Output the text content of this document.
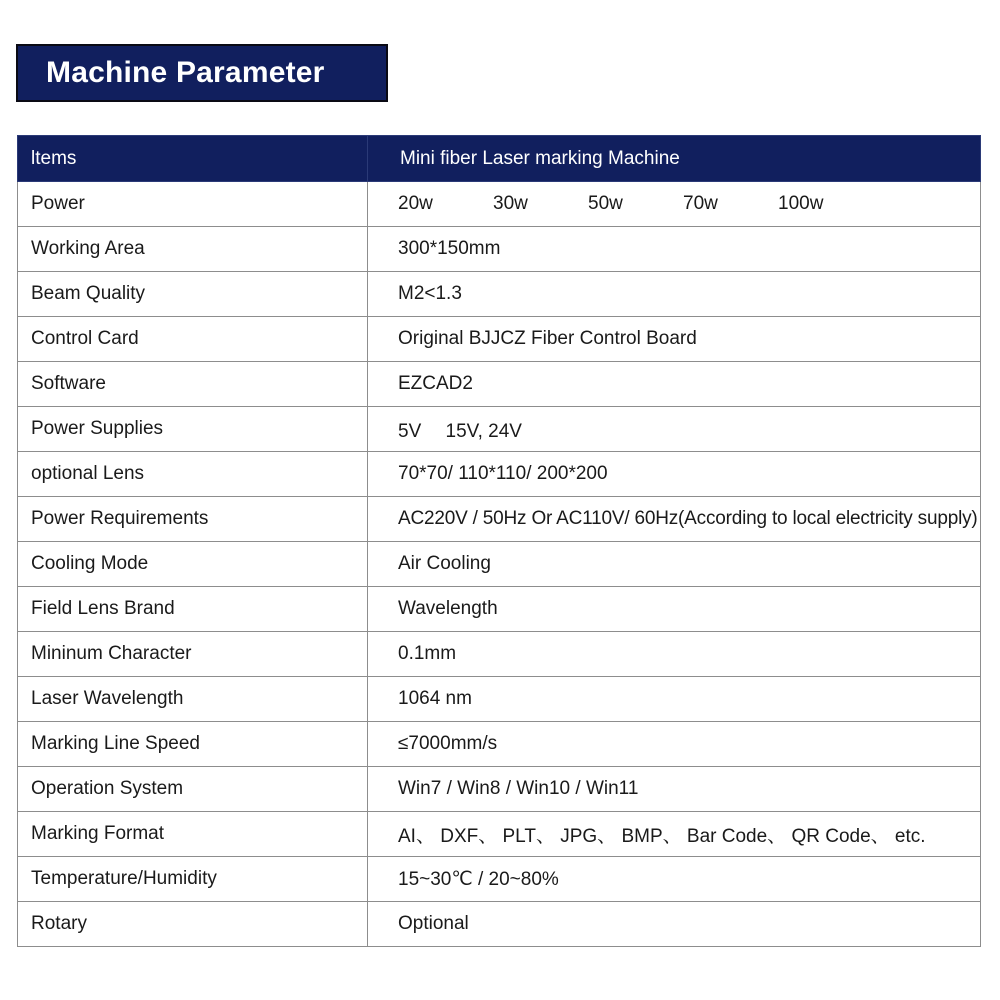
Machine Parameter
ltems	Mini fiber Laser marking Machine

Power	20w 30w 50w 70w 100w

Working Area	300*150mm

Beam Quality	M2<1.3

Control Card	Original BJJCZ Fiber Control Board

Software	EZCAD2

Power Supplies	5V　 15V, 24V

optional Lens	70*70/ 110*110/ 200*200

Power Requirements	AC220V / 50Hz Or AC110V/ 60Hz(According to local electricity supply)

Cooling Mode	Air Cooling

Field Lens Brand	Wavelength

Mininum Character	0.1mm

Laser Wavelength	1064 nm

Marking Line Speed	≤7000mm/s

Operation System	Win7 / Win8 / Win10 / Win11

Marking Format	AI、 DXF、 PLT、 JPG、 BMP、 Bar Code、 QR Code、 etc.

Temperature/Humidity	15~30℃ / 20~80%

Rotary	Optional
